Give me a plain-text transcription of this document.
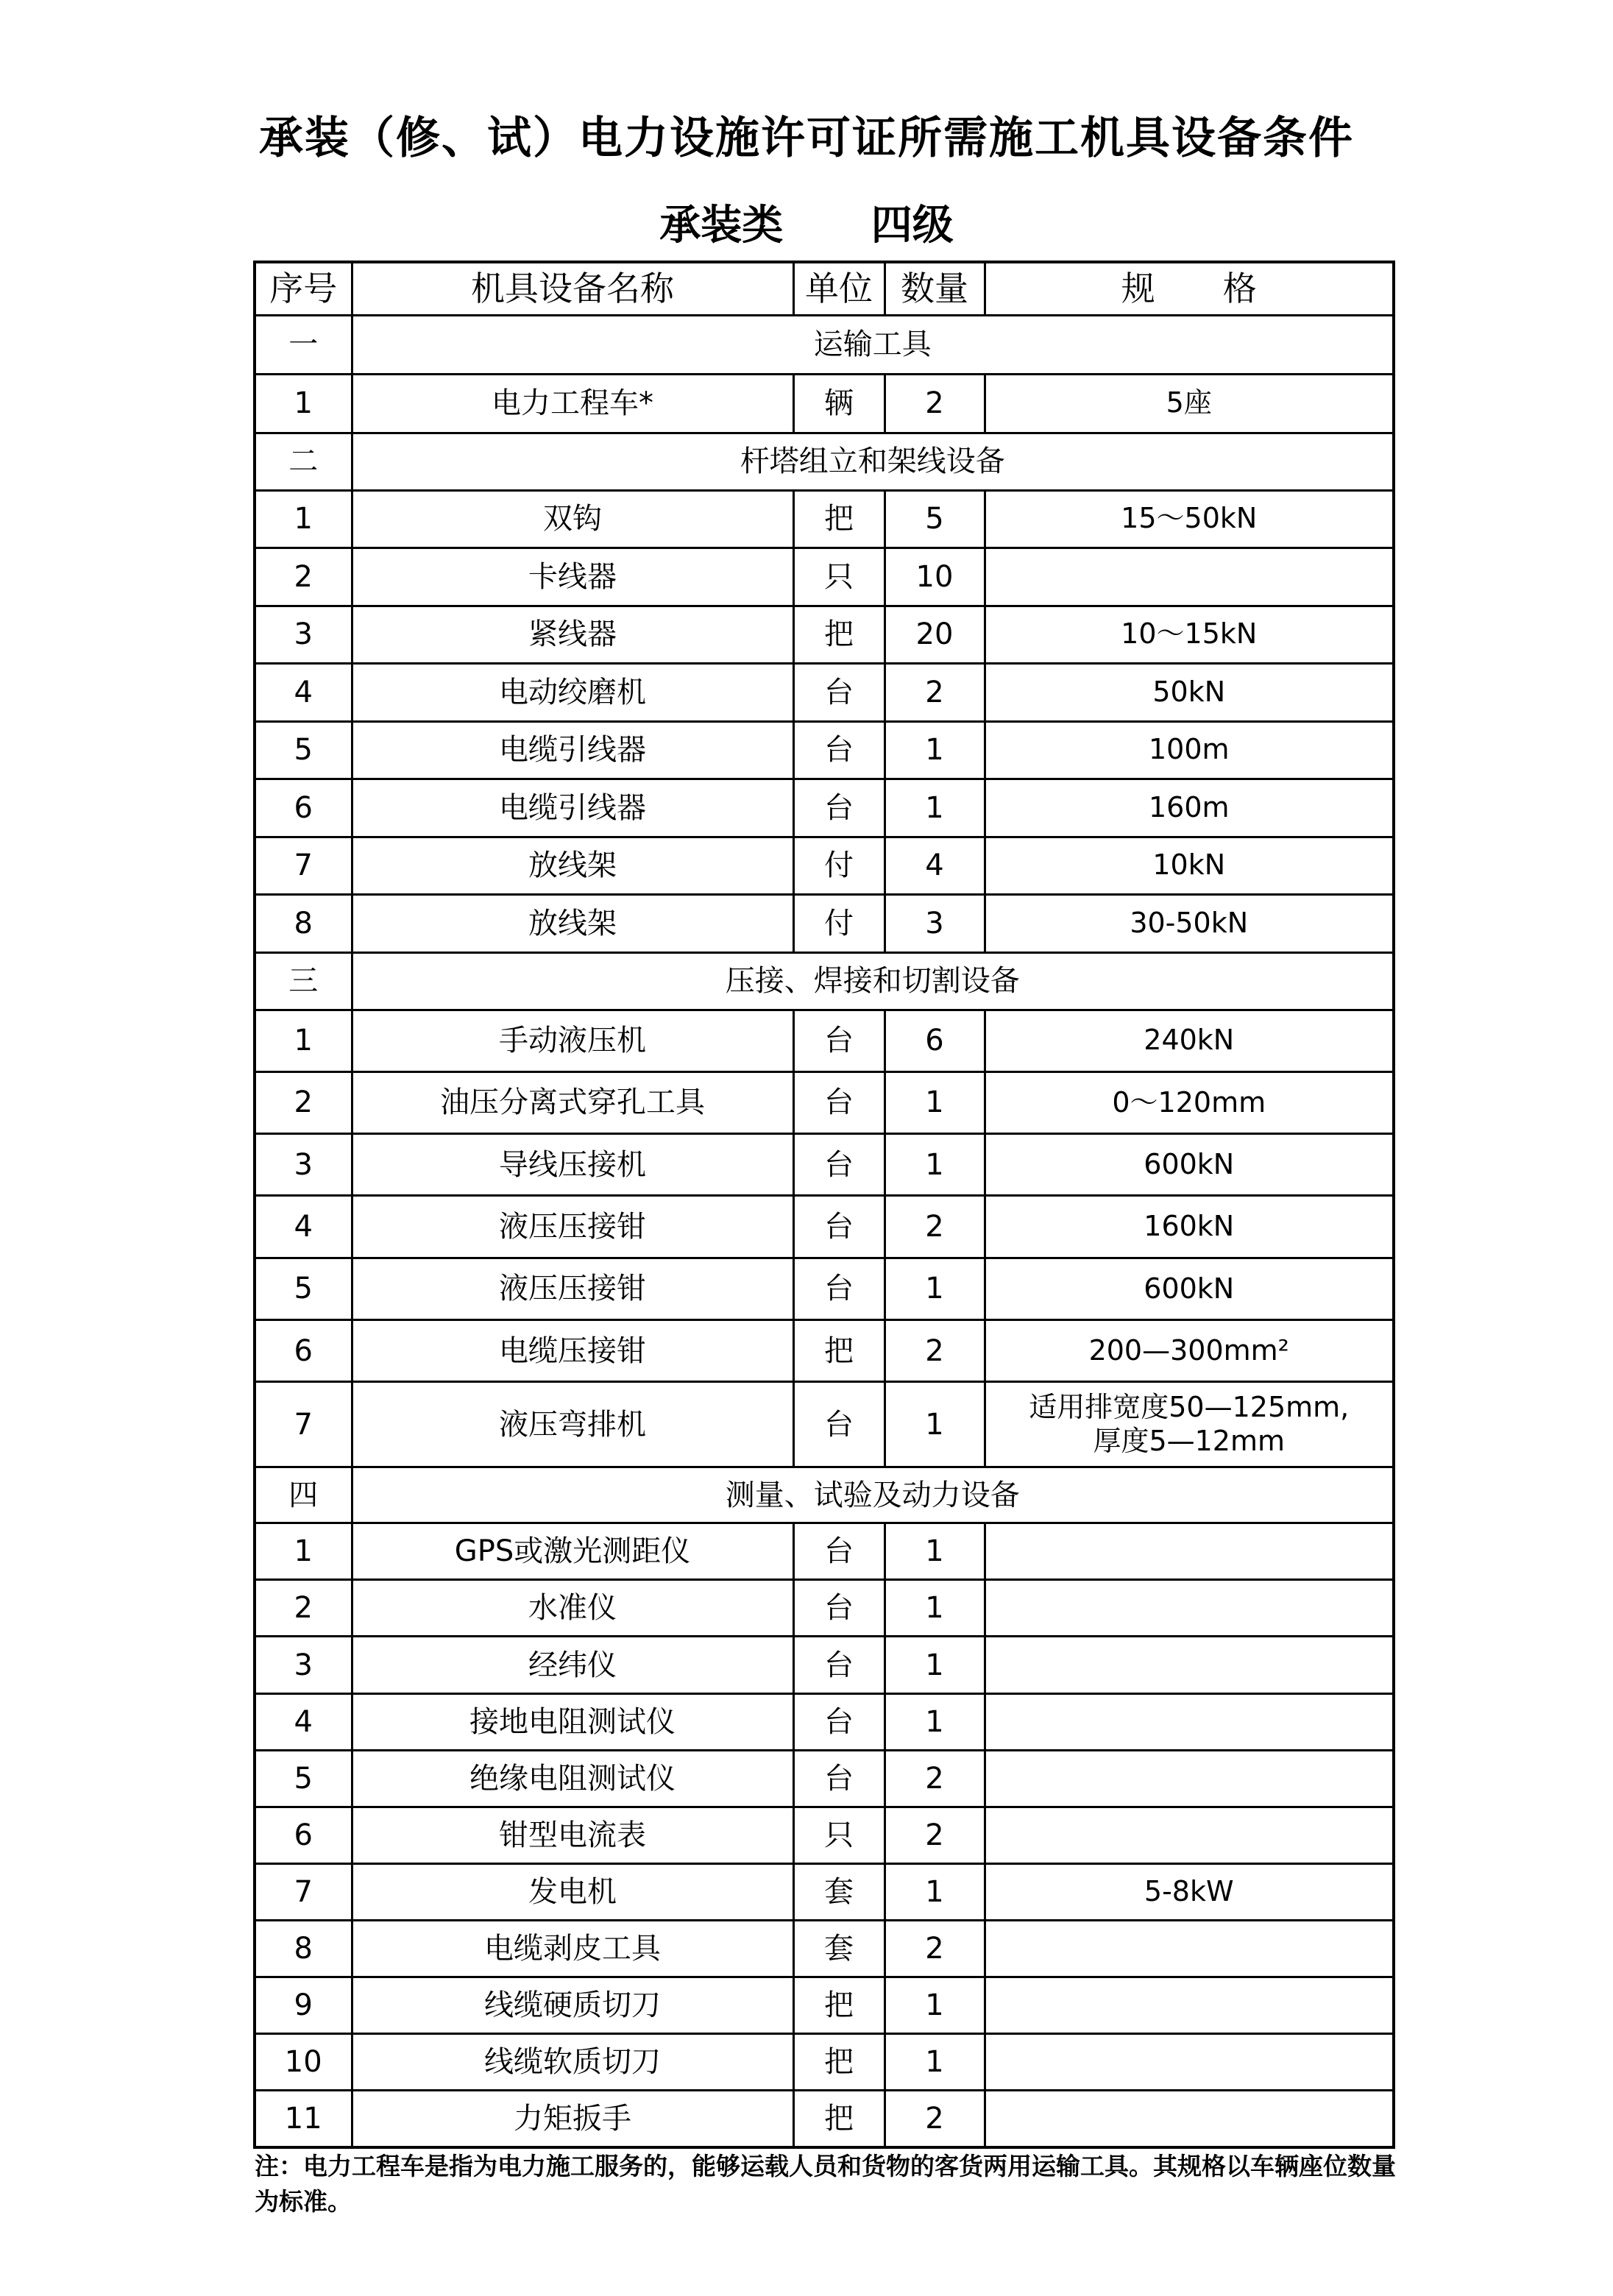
承装（修、试）电力设施许可证所需施工机具设备条件
承装类 四级
序号	机具设备名称	单位	数量	规　　格
一	运输工具			
1	电力工程车*	辆	2	5座
二	杆塔组立和架线设备			
1	双钩	把	5	15～50kN
2	卡线器	只	10	
3	紧线器	把	20	10～15kN
4	电动绞磨机	台	2	50kN
5	电缆引线器	台	1	100m
6	电缆引线器	台	1	160m
7	放线架	付	4	10kN
8	放线架	付	3	30-50kN
三	压接、焊接和切割设备			
1	手动液压机	台	6	240kN
2	油压分离式穿孔工具	台	1	0～120mm
3	导线压接机	台	1	600kN
4	液压压接钳	台	2	160kN
5	液压压接钳	台	1	600kN
6	电缆压接钳	把	2	200—300mm²
7	液压弯排机	台	1	适用排宽度50—125mm,
厚度5—12mm
四	测量、试验及动力设备			
1	GPS或激光测距仪	台	1	
2	水准仪	台	1	
3	经纬仪	台	1	
4	接地电阻测试仪	台	1	
5	绝缘电阻测试仪	台	2	
6	钳型电流表	只	2	
7	发电机	套	1	5-8kW
8	电缆剥皮工具	套	2	
9	线缆硬质切刀	把	1	
10	线缆软质切刀	把	1	
11	力矩扳手	把	2	
注：电力工程车是指为电力施工服务的，能够运载人员和货物的客货两用运输工具。其规格以车辆座位数量为标准。
